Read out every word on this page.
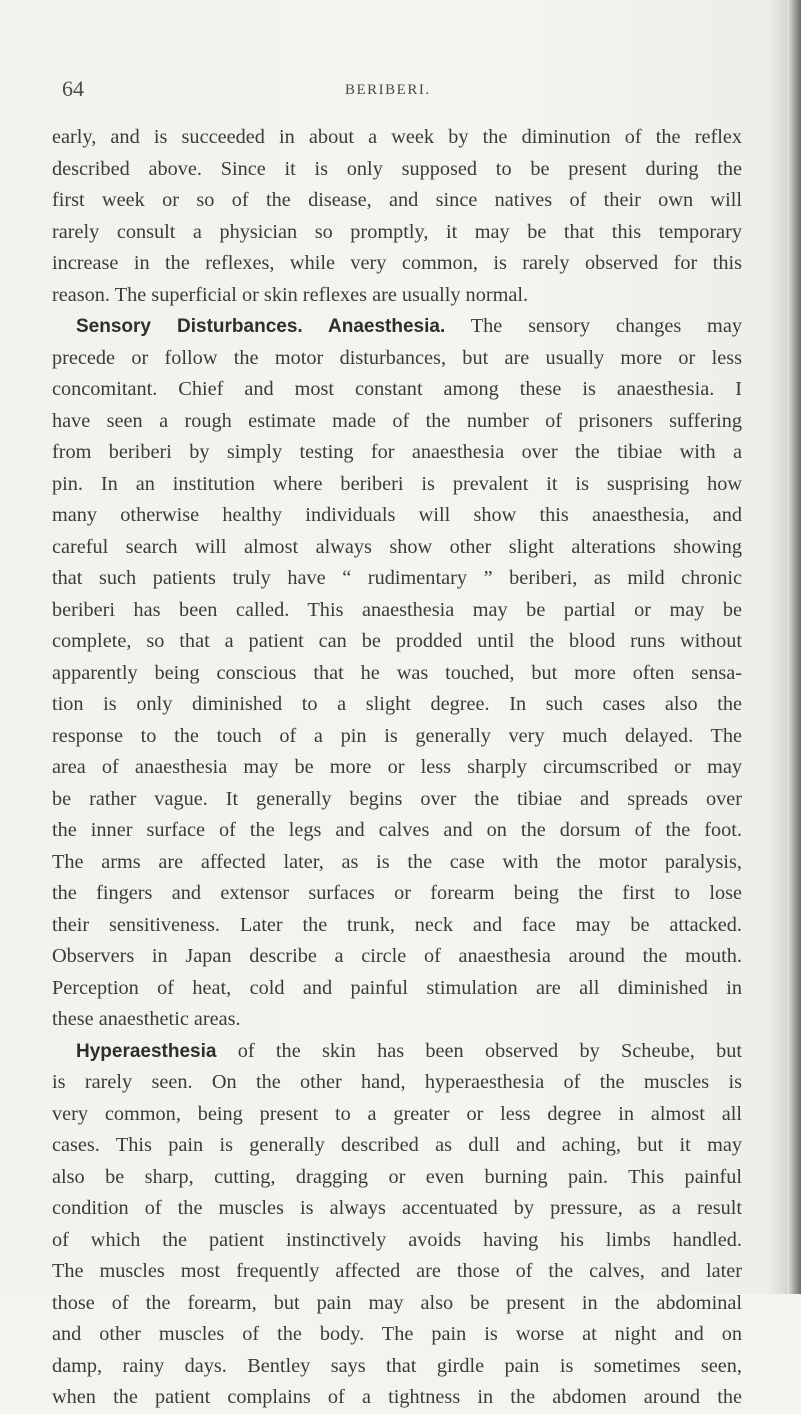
64	BERIBERI.
early, and is succeeded in about a week by the diminution of the reflex
described above. Since it is only supposed to be present during the
first week or so of the disease, and since natives of their own will
rarely consult a physician so promptly, it may be that this temporary
increase in the reflexes, while very common, is rarely observed for this
reason. The superficial or skin reflexes are usually normal.
Sensory Disturbances. Anaesthesia. The sensory changes may
precede or follow the motor disturbances, but are usually more or less
concomitant. Chief and most constant among these is anaesthesia. I
have seen a rough estimate made of the number of prisoners suffering
from beriberi by simply testing for anaesthesia over the tibiae with a
pin. In an institution where beriberi is prevalent it is susprising how
many otherwise healthy individuals will show this anaesthesia, and
careful search will almost always show other slight alterations showing
that such patients truly have “ rudimentary ” beriberi, as mild chronic
beriberi has been called. This anaesthesia may be partial or may be
complete, so that a patient can be prodded until the blood runs without
apparently being conscious that he was touched, but more often sensa-
tion is only diminished to a slight degree. In such cases also the
response to the touch of a pin is generally very much delayed. The
area of anaesthesia may be more or less sharply circumscribed or may
be rather vague. It generally begins over the tibiae and spreads over
the inner surface of the legs and calves and on the dorsum of the foot.
The arms are affected later, as is the case with the motor paralysis,
the fingers and extensor surfaces or forearm being the first to lose
their sensitiveness. Later the trunk, neck and face may be attacked.
Observers in Japan describe a circle of anaesthesia around the mouth.
Perception of heat, cold and painful stimulation are all diminished in
these anaesthetic areas.
Hyperaesthesia of the skin has been observed by Scheube, but
is rarely seen. On the other hand, hyperaesthesia of the muscles is
very common, being present to a greater or less degree in almost all
cases. This pain is generally described as dull and aching, but it may
also be sharp, cutting, dragging or even burning pain. This painful
condition of the muscles is always accentuated by pressure, as a result
of which the patient instinctively avoids having his limbs handled.
The muscles most frequently affected are those of the calves, and later
those of the forearm, but pain may also be present in the abdominal
and other muscles of the body. The pain is worse at night and on
damp, rainy days. Bentley says that girdle pain is sometimes seen,
when the patient complains of a tightness in the abdomen around the
